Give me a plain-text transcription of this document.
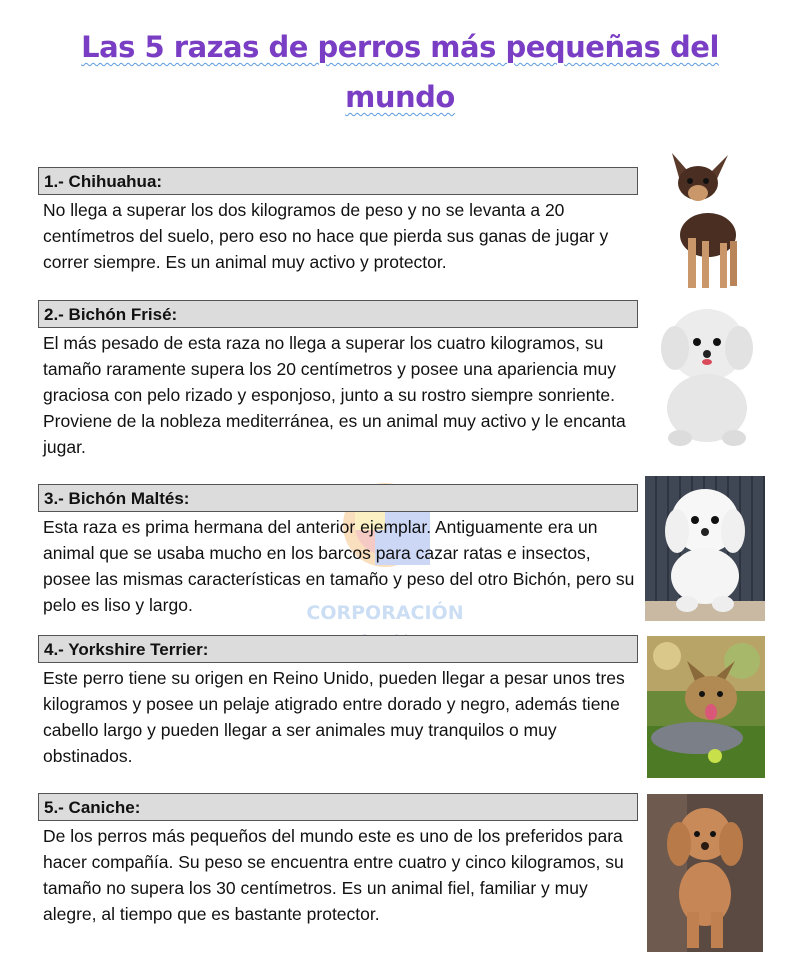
Las 5 razas de perros más pequeñas del mundo
CORPORACIÓN
1.- Chihuahua:
No llega a superar los dos kilogramos de peso y no se levanta a 20 centímetros del suelo, pero eso no hace que pierda sus ganas de jugar y correr siempre. Es un animal muy activo y protector.
2.- Bichón Frisé:
El más pesado de esta raza no llega a superar los cuatro kilogramos, su tamaño raramente supera los 20 centímetros y posee una apariencia muy graciosa con pelo rizado y esponjoso, junto a su rostro siempre sonriente. Proviene de la nobleza mediterránea, es un animal muy activo y le encanta jugar.
3.- Bichón Maltés:
Esta raza es prima hermana del anterior ejemplar. Antiguamente era un animal que se usaba mucho en los barcos para cazar ratas e insectos, posee las mismas características en tamaño y peso del otro Bichón, pero su pelo es liso y largo.
4.- Yorkshire Terrier:
Este perro tiene su origen en Reino Unido, pueden llegar a pesar unos tres kilogramos y posee un pelaje atigrado entre dorado y negro, además tiene cabello largo y pueden llegar a ser animales muy tranquilos o muy obstinados.
5.- Caniche:
De los perros más pequeños del mundo este es uno de los preferidos para hacer compañía. Su peso se encuentra entre cuatro y cinco kilogramos, su tamaño no supera los 30 centímetros. Es un animal fiel, familiar y muy alegre, al tiempo que es bastante protector.
